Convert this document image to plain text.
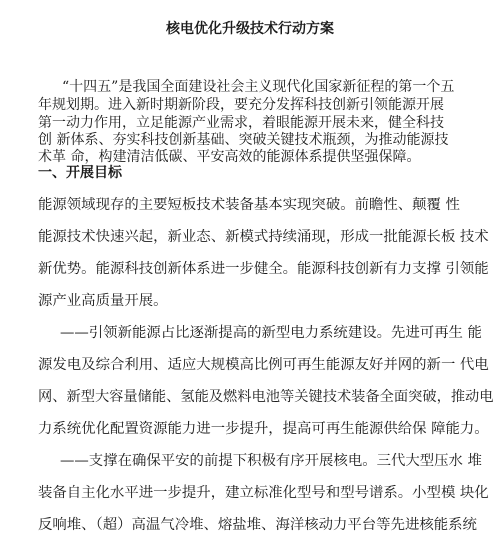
核电优化升级技术行动方案
“十四五”是我国全面建设社会主义现代化国家新征程的第一个五
年规划期。进入新时期新阶段，要充分发挥科技创新引领能源开展
第一动力作用，立足能源产业需求，着眼能源开展未来，健全科技
创 新体系、夯实科技创新基础、突破关键技术瓶颈，为推动能源技
术革 命，构建清洁低碳、平安高效的能源体系提供坚强保障。
一、开展目标
能源领域现存的主要短板技术装备基本实现突破。前瞻性、颠覆 性
能源技术快速兴起，新业态、新模式持续涌现，形成一批能源长板 技术
新优势。能源科技创新体系进一步健全。能源科技创新有力支撑 引领能
源产业高质量开展。
——引领新能源占比逐渐提高的新型电力系统建设。先进可再生 能
源发电及综合利用、适应大规模高比例可再生能源友好并网的新一 代电
网、新型大容量储能、氢能及燃料电池等关键技术装备全面突破，推动电
力系统优化配置资源能力进一步提升，提高可再生能源供给保 障能力。
——支撑在确保平安的前提下积极有序开展核电。三代大型压水 堆
装备自主化水平进一步提升，建立标准化型号和型号谱系。小型模 块化
反响堆、（超）高温气冷堆、熔盐堆、海洋核动力平台等先进核能系统
